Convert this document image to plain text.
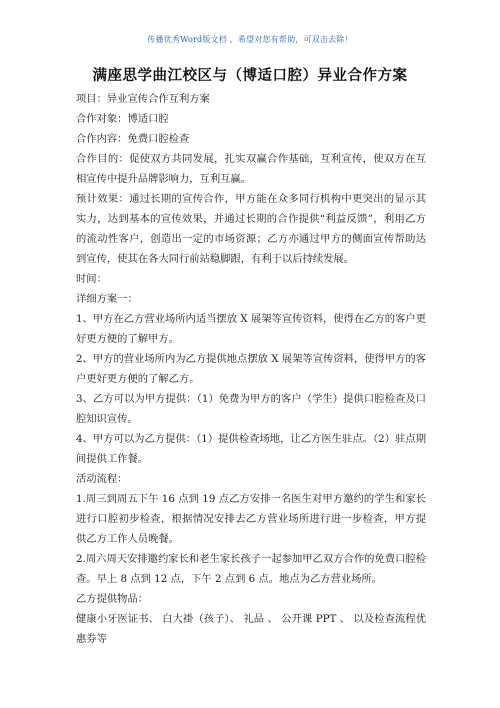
传播优秀Word版文档 ，希望对您有帮助，可双击去除！
满座思学曲江校区与（博适口腔）异业合作方案

项目：异业宣传合作互利方案

合作对象：博适口腔

合作内容：免费口腔检查

合作目的：促使双方共同发展，扎实双赢合作基础，互利宣传，使双方在互相宣传中提升品牌影响力，互利互赢。

预计效果：通过长期的宣传合作，甲方能在众多同行机构中更突出的显示其实力，达到基本的宣传效果，并通过长期的合作提供“利益反馈”，利用乙方的流动性客户，创造出一定的市场资源；乙方亦通过甲方的侧面宣传帮助达到宣传，使其在各大同行前站稳脚跟，有利于以后持续发展。

时间：

详细方案一：

1、甲方在乙方营业场所内适当摆放 X 展架等宣传资料，使得在乙方的客户更好更方便的了解甲方。

2、甲方的营业场所内为乙方提供地点摆放 X 展架等宣传资料，使得甲方的客户更好更方便的了解乙方。

3、乙方可以为甲方提供：（1）免费为甲方的客户（学生）提供口腔检查及口腔知识宣传。

4、甲方可以为乙方提供：（1）提供检查场地，让乙方医生驻点。（2）驻点期间提供工作餐。

活动流程：

1.周三到周五下午 16 点到 19 点乙方安排一名医生对甲方邀约的学生和家长进行口腔初步检查，根据情况安排去乙方营业场所进行进一步检查，甲方提供乙方工作人员晚餐。

2.周六周天安排邀约家长和老生家长孩子一起参加甲乙双方合作的免费口腔检查。早上 8 点到 12 点，下午 2 点到 6 点。地点为乙方营业场所。

乙方提供物品：

健康小牙医证书、 白大褂（孩子）、 礼品 、 公开课 PPT 、 以及检查流程优惠券等
